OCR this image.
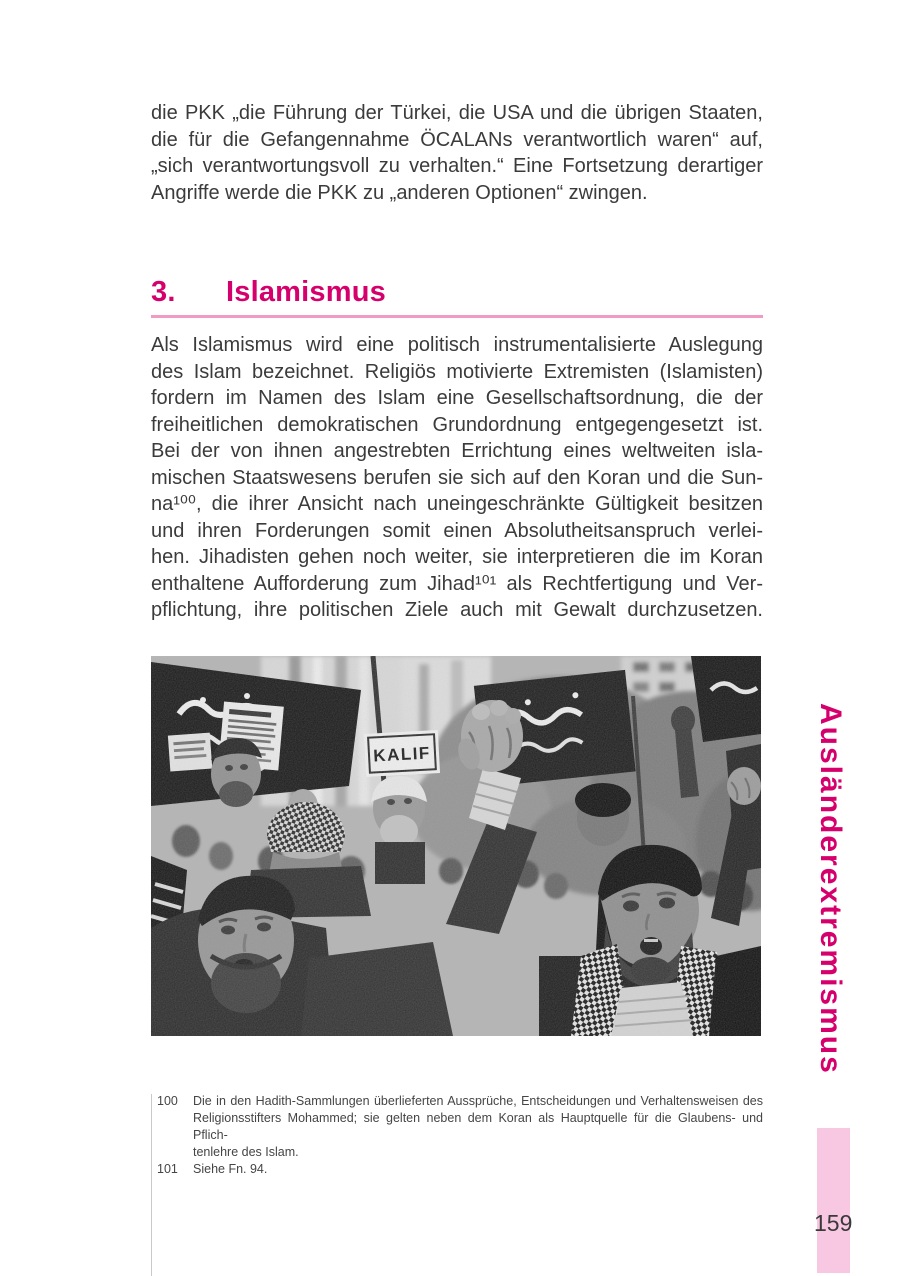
die PKK „die Führung der Türkei, die USA und die übrigen Staaten,
die für die Gefangennahme ÖCALANs verantwortlich waren“ auf,
„sich verantwortungsvoll zu verhalten.“ Eine Fortsetzung derartiger
Angriffe werde die PKK zu „anderen Optionen“ zwingen.
3.	Islamismus
Als Islamismus wird eine politisch instrumentalisierte Auslegung
des Islam bezeichnet. Religiös motivierte Extremisten (Islamisten)
fordern im Namen des Islam eine Gesellschaftsordnung, die der
freiheitlichen demokratischen Grundordnung entgegengesetzt ist.
Bei der von ihnen angestrebten Errichtung eines weltweiten isla-
mischen Staatswesens berufen sie sich auf den Koran und die Sun-
na¹⁰⁰, die ihrer Ansicht nach uneingeschränkte Gültigkeit besitzen
und ihren Forderungen somit einen Absolutheitsanspruch verlei-
hen. Jihadisten gehen noch weiter, sie interpretieren die im Koran
enthaltene Aufforderung zum Jihad¹⁰¹ als Rechtfertigung und Ver-
pflichtung, ihre politischen Ziele auch mit Gewalt durchzusetzen.
100 Die in den Hadith-Sammlungen überlieferten Aussprüche, Entscheidungen und Verhaltensweisen des
Religionsstifters Mohammed; sie gelten neben dem Koran als Hauptquelle für die Glaubens- und Pflich-
tenlehre des Islam.
101 Siehe Fn. 94.
Ausländerextremismus
159
